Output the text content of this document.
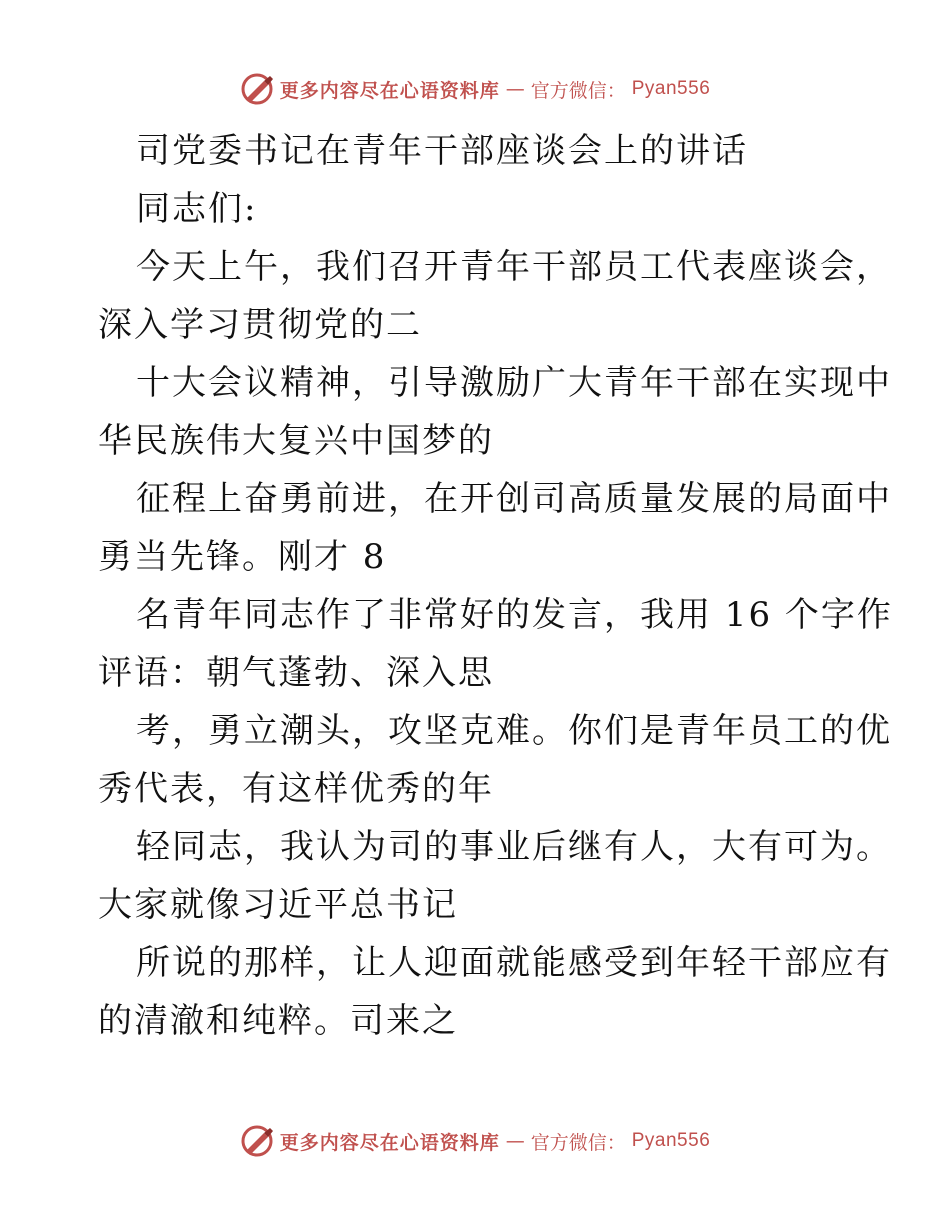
更多内容尽在心语资料库 — 官方微信： Pyan556
司党委书记在青年干部座谈会上的讲话
同志们:
今天上午，我们召开青年干部员工代表座谈会，
深入学习贯彻党的二
十大会议精神，引导激励广大青年干部在实现中
华民族伟大复兴中国梦的
征程上奋勇前进，在开创司高质量发展的局面中
勇当先锋。刚才 8
名青年同志作了非常好的发言，我用 16 个字作
评语：朝气蓬勃、深入思
考，勇立潮头，攻坚克难。你们是青年员工的优
秀代表，有这样优秀的年
轻同志，我认为司的事业后继有人，大有可为。
大家就像习近平总书记
所说的那样，让人迎面就能感受到年轻干部应有
的清澈和纯粹。司来之
更多内容尽在心语资料库 — 官方微信： Pyan556
